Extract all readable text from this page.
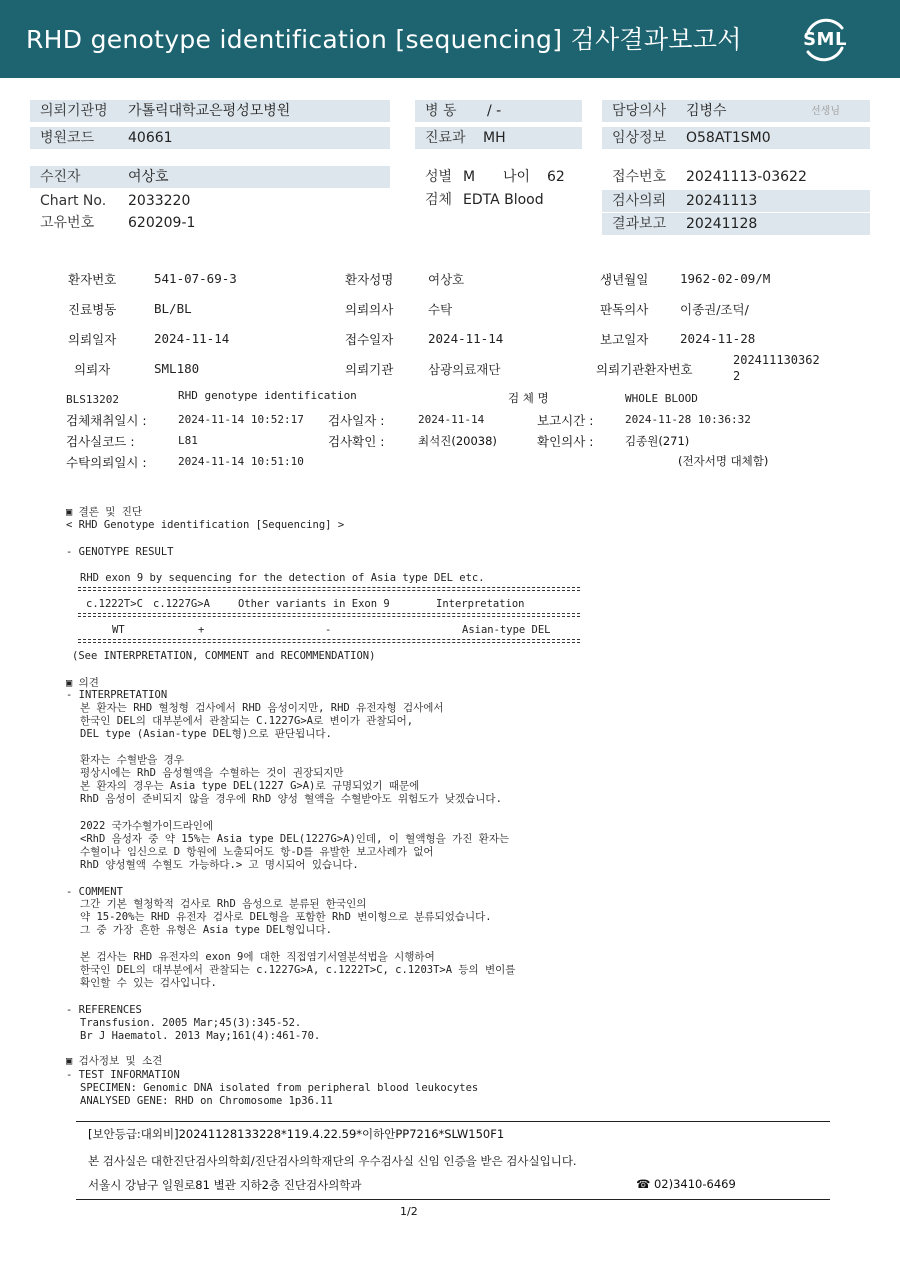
RHD genotype identification [sequencing] 검사결과보고서	SML
의뢰기관명 가톨릭대학교은평성모병원
병원코드 40661
수진자	여상호
Chart No. 2033220
고유번호 620209-1
병 동 / -
진료과 MH
성별 M 나이 62
검체 EDTA Blood
담당의사 김병수	선생님
임상정보 O58AT1SM0
접수번호 20241113-03622
검사의뢰 20241113
결과보고 20241128
환자번호	541-07-69-3	환자성명	여상호	생년월일	1962-02-09/M
진료병동	BL/BL	의뢰의사	수탁	판독의사	이종권/조덕/
의뢰일자	2024-11-14	접수일자	2024-11-14	보고일자	2024-11-28
의뢰자	SML180	의뢰기관	삼광의료재단	의뢰기관환자번호
202411130362
2
BLS13202	RHD genotype identification	검 체 명	WHOLE BLOOD
검체채취일시 :	2024-11-14 10:52:17 검사일자 :	2024-11-14	보고시간 :	2024-11-28 10:36:32
검사실코드 :	L81	검사확인 :	최석진(20038)	확인의사 :	김종원(271)
수탁의뢰일시 :	2024-11-14 10:51:10	(전자서명 대체함)
▣ 결론 및 진단
< RHD Genotype identification [Sequencing] >
- GENOTYPE RESULT
RHD exon 9 by sequencing for the detection of Asia type DEL etc.
c.1222T>C c.1227G>A	Other variants in Exon 9	Interpretation
WT	+	-	Asian-type DEL
(See INTERPRETATION, COMMENT and RECOMMENDATION)
▣ 의견
- INTERPRETATION
본 환자는 RHD 혈청형 검사에서 RHD 음성이지만, RHD 유전자형 검사에서
한국인 DEL의 대부분에서 관찰되는 C.1227G>A로 변이가 관찰되어,
DEL type (Asian-type DEL형)으로 판단됩니다.
환자는 수혈받을 경우
평상시에는 RhD 음성혈액을 수혈하는 것이 권장되지만
본 환자의 경우는 Asia type DEL(1227 G>A)로 규명되었기 때문에
RhD 음성이 준비되지 않을 경우에 RhD 양성 혈액을 수혈받아도 위험도가 낮겠습니다.
2022 국가수혈가이드라인에
<RhD 음성자 중 약 15%는 Asia type DEL(1227G>A)인데, 이 혈액형을 가진 환자는
수혈이나 임신으로 D 항원에 노출되어도 항-D를 유발한 보고사례가 없어
RhD 양성혈액 수혈도 가능하다.> 고 명시되어 있습니다.
- COMMENT
그간 기본 혈청학적 검사로 RhD 음성으로 분류된 한국인의
약 15-20%는 RHD 유전자 검사로 DEL형을 포함한 RhD 변이형으로 분류되었습니다.
그 중 가장 흔한 유형은 Asia type DEL형입니다.
본 검사는 RHD 유전자의 exon 9에 대한 직접염기서열분석법을 시행하여
한국인 DEL의 대부분에서 관찰되는 c.1227G>A, c.1222T>C, c.1203T>A 등의 변이를
확인할 수 있는 검사입니다.
- REFERENCES
Transfusion. 2005 Mar;45(3):345-52.
Br J Haematol. 2013 May;161(4):461-70.
▣ 검사정보 및 소견
- TEST INFORMATION
SPECIMEN: Genomic DNA isolated from peripheral blood leukocytes
ANALYSED GENE: RHD on Chromosome 1p36.11
[보안등급:대외비]20241128133228*119.4.22.59*이하안PP7216*SLW150F1
본 검사실은 대한진단검사의학회/진단검사의학재단의 우수검사실 신임 인증을 받은 검사실입니다.
서울시 강남구 일원로81 별관 지하2층 진단검사의학과	☎ 02)3410-6469
1/2
